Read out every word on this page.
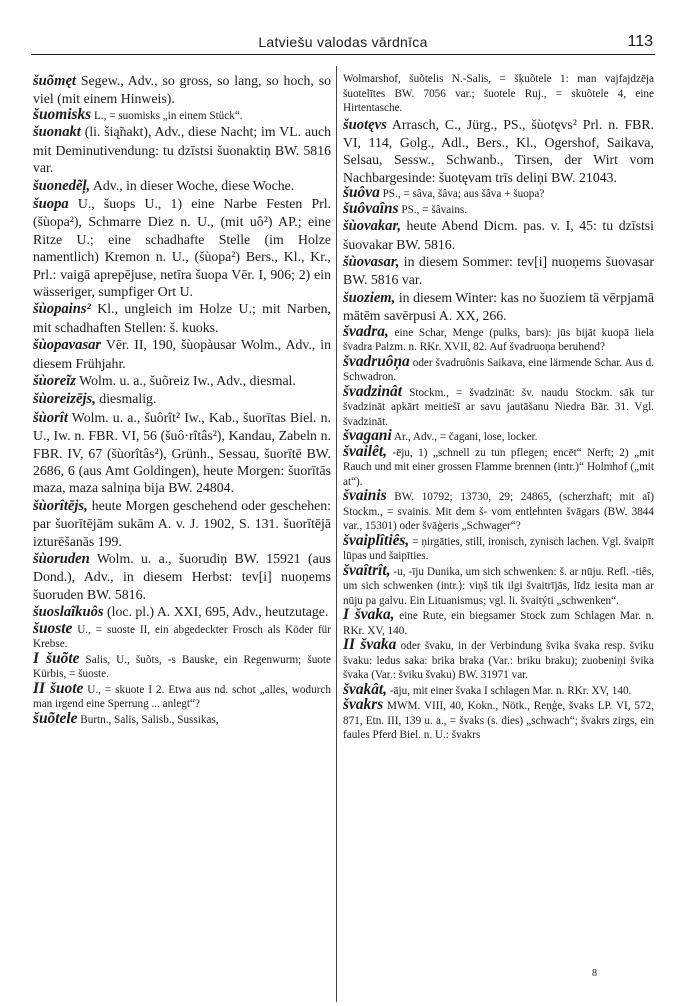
Latviešu valodas vārdnīca	113
šuõmęt Segew., Adv., so gross, so lang, so hoch, so viel (mit einem Hinweis).
šuomisks L., = suomisks „in einem Stück“.
šuonakt (li. šią̃nakt), Adv., diese Nacht; im VL. auch mit Deminutivendung: tu dzīstsi šuonaktiņ BW. 5816 var.
šuonedẽļ, Adv., in dieser Woche, diese Woche.
šuopa U., šuops U., 1) eine Narbe Festen Prl. (šùopa²), Schmarre Diez n. U., (mit uô²) AP.; eine Ritze U.; eine schadhafte Stelle (im Holze namentlich) Kremon n. U., (šùopa²) Bers., Kl., Kr., Prl.: vaigā aprepējuse, netīra šuopa Vēr. I, 906; 2) ein wässeriger, sumpfiger Ort U.
šùopains² Kl., ungleich im Holze U.; mit Narben, mit schadhaften Stellen: š. kuoks.
šùopavasar Vēr. II, 190, šùopàusar Wolm., Adv., in diesem Frühjahr.
šùoreĩz Wolm. u. a., šuõreiz Iw., Adv., diesmal.
šùoreizējs, diesmalig.
šùorît Wolm. u. a., šuôrît² Iw., Kab., šuorītas Biel. n. U., Iw. n. FBR. VI, 56 (šuô·rîtâs²), Kandau, Zabeln n. FBR. IV, 67 (šùorîtâs²), Grünh., Sessau, šuorītē BW. 2686, 6 (aus Amt Goldingen), heute Morgen: šuorītās maza, maza salniņa bija BW. 24804.
šùorîtējs, heute Morgen geschehend oder geschehen: par šuorītējām sukām A. v. J. 1902, S. 131. šuorītējā izturēšanās 199.
šùoruden Wolm. u. a., šuorudiņ BW. 15921 (aus Dond.), Adv., in diesem Herbst: tev[i] nuoņems šuoruden BW. 5816.
šuoslaĩkuôs (loc. pl.) A. XXI, 695, Adv., heutzutage.
šuoste U., = suoste II, ein abgedeckter Frosch als Köder für Krebse.
I šuõte Salis, U., šuõts, -s Bauske, ein Regenwurm; šuote Kürbis, = šuoste.
II šuote U., = skuote I 2. Etwa aus nd. schot „alles, wodurch man irgend eine Sperrung ... anlegt“?
šuõtele Burtn., Salis, Salisb., Sussikas,
Wolmarshof, šuõtelis N.-Salis, = šķuõtele 1: man vajfajdzēja šuotelītes BW. 7056 var.; šuotele Ruj., = skuõtele 4, eine Hirtentasche.
šuotęvs Arrasch, C., Jürg., PS., šùotęvs² Prl. n. FBR. VI, 114, Golg., Adl., Bers., Kl., Ogershof, Saikava, Selsau, Sessw., Schwanb., Tirsen, der Wirt vom Nachbargesinde: šuotęvam trīs deliņi BW. 21043.
šuôva PS., = sâva, šâva; aus šâva + šuopa?
šuôvaîns PS., = šâvains.
šùovakar, heute Abend Dicm. pas. v. I, 45: tu dzīstsi šuovakar BW. 5816.
šùovasar, in diesem Sommer: tev[i] nuoņems šuovasar BW. 5816 var.
šuoziem, in diesem Winter: kas no šuoziem tā vērpjamā mātēm savērpusi A. XX, 266.
švadra, eine Schar, Menge (pulks, bars): jūs bijāt kuopā liela švadra Palzm. n. RKr. XVII, 82. Auf švadruoņa beruhend?
švadruôņa oder švadruônis Saikava, eine lärmende Schar. Aus d. Schwadron.
švadzinât Stockm., = švadzināt: šv. naudu Stockm. sāk tur švadzināt apkārt meitiešī ar savu jautāšanu Niedra Bār. 31. Vgl. švadzināt.
švagani Ar., Adv., = čagani, lose, locker.
švailêt, -ēju, 1) „schnell zu tun pflegen; encēt“ Nerft; 2) „mit Rauch und mit einer grossen Flamme brennen (intr.)“ Holmhof („mit at“).
švainis BW. 10792; 13730, 29; 24865, (scherzhaft; mit aî) Stockm., = svainis. Mit dem š- vom entlehnten švāgars (BW. 3844 var., 15301) oder švāģeris „Schwager“?
švaiplîtiês, = ņirgāties, still, ironisch, zynisch lachen. Vgl. švaipīt lūpas und šaipīties.
švaîtrît, -u, -īju Dunika, um sich schwenken: š. ar nūju. Refl. -tiês, um sich schwenken (intr.): viņš tik ilgi švaitrījās, līdz iesita man ar nūju pa galvu. Ein Lituanismus; vgl. li. švaitýti „schwenken“.
I švaka, eine Rute, ein biegsamer Stock zum Schlagen Mar. n. RKr. XV, 140.
II švaka oder švaku, in der Verbindung švika švaka resp. šviku švaku: ledus saka: brika braka (Var.: briku braku); zuobeniņi švika švaka (Var.: šviku švaku) BW. 31971 var.
švakât, -āju, mit einer švaka I schlagen Mar. n. RKr. XV, 140.
švakrs MWM. VIII, 40, Kokn., Nötk., Reņģe, švaks LP. VI, 572, 871, Etn. III, 139 u. a., = švaks (s. dies) „schwach“; švakrs zirgs, ein faules Pferd Biel. n. U.: švakrs
8
